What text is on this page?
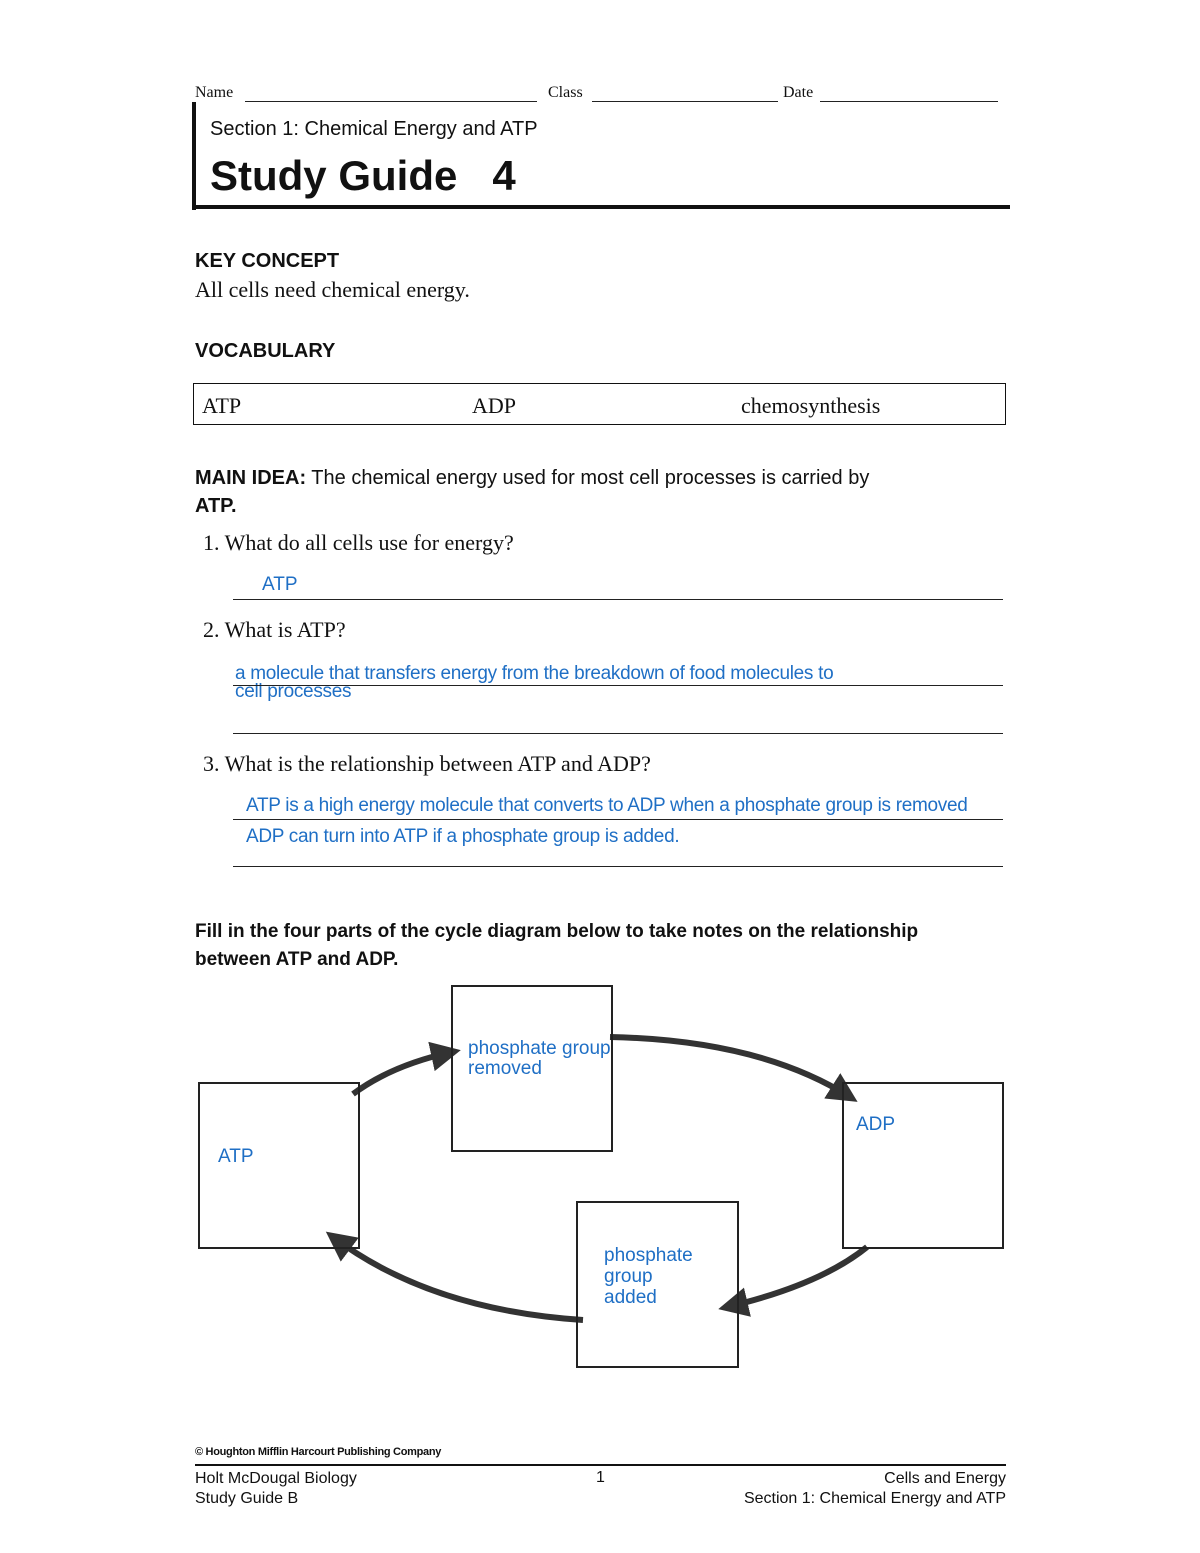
Name	Class	Date
Section 1: Chemical Energy and ATP
Study Guide   4
KEY CONCEPT
All cells need chemical energy.
VOCABULARY
ATP	ADP	chemosynthesis
MAIN IDEA: The chemical energy used for most cell processes is carried by
ATP.
1. What do all cells use for energy?
ATP
2. What is ATP?
a molecule that transfers energy from the breakdown of food molecules to
cell processes
3. What is the relationship between ATP and ADP?
ATP is a high energy molecule that converts to ADP when a phosphate group is removed
ADP can turn into ATP if a phosphate group is added.
Fill in the four parts of the cycle diagram below to take notes on the relationship
between ATP and ADP.
ATP
phosphate group
removed
ADP
phosphate
group
added
© Houghton Mifflin Harcourt Publishing Company
Holt McDougal Biology
Study Guide B
1	Cells and Energy
Section 1: Chemical Energy and ATP
